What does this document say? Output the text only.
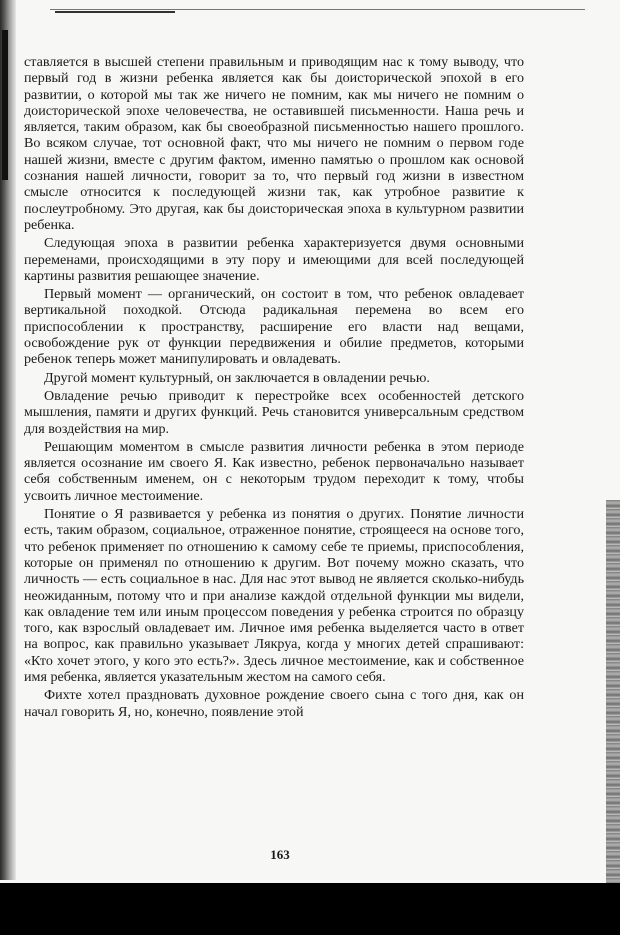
ставляется в высшей степени правильным и приводящим нас к тому выводу, что первый год в жизни ребенка является как бы доисторической эпохой в его развитии, о которой мы так же ничего не помним, как мы ничего не помним о доисторической эпохе человечества, не оставившей письменности. Наша речь и является, таким образом, как бы своеобразной письменностью нашего прошлого. Во всяком случае, тот основной факт, что мы ничего не помним о первом годе нашей жизни, вместе с другим фактом, именно памятью о прошлом как основой сознания нашей личности, говорит за то, что первый год жизни в известном смысле относится к последующей жизни так, как утробное развитие к послеутробному. Это другая, как бы доисторическая эпоха в культурном развитии ребенка.

Следующая эпоха в развитии ребенка характеризуется двумя основными переменами, происходящими в эту пору и имеющими для всей последующей картины развития решающее значение.

Первый момент — органический, он состоит в том, что ребенок овладевает вертикальной походкой. Отсюда радикальная перемена во всем его приспособлении к пространству, расширение его власти над вещами, освобождение рук от функции передвижения и обилие предметов, которыми ребенок теперь может манипулировать и овладевать.

Другой момент культурный, он заключается в овладении речью.

Овладение речью приводит к перестройке всех особенностей детского мышления, памяти и других функций. Речь становится универсальным средством для воздействия на мир.

Решающим моментом в смысле развития личности ребенка в этом периоде является осознание им своего Я. Как известно, ребенок первоначально называет себя собственным именем, он с некоторым трудом переходит к тому, чтобы усвоить личное местоимение.

Понятие о Я развивается у ребенка из понятия о других. Понятие личности есть, таким образом, социальное, отраженное понятие, строящееся на основе того, что ребенок применяет по отношению к самому себе те приемы, приспособления, которые он применял по отношению к другим. Вот почему можно сказать, что личность — есть социальное в нас. Для нас этот вывод не является сколько-нибудь неожиданным, потому что и при анализе каждой отдельной функции мы видели, как овладение тем или иным процессом поведения у ребенка строится по образцу того, как взрослый овладевает им. Личное имя ребенка выделяется часто в ответ на вопрос, как правильно указывает Лякруа, когда у многих детей спрашивают: «Кто хочет этого, у кого это есть?». Здесь личное местоимение, как и собственное имя ребенка, является указательным жестом на самого себя.

Фихте хотел праздновать духовное рождение своего сына с того дня, как он начал говорить Я, но, конечно, появление этой

163
